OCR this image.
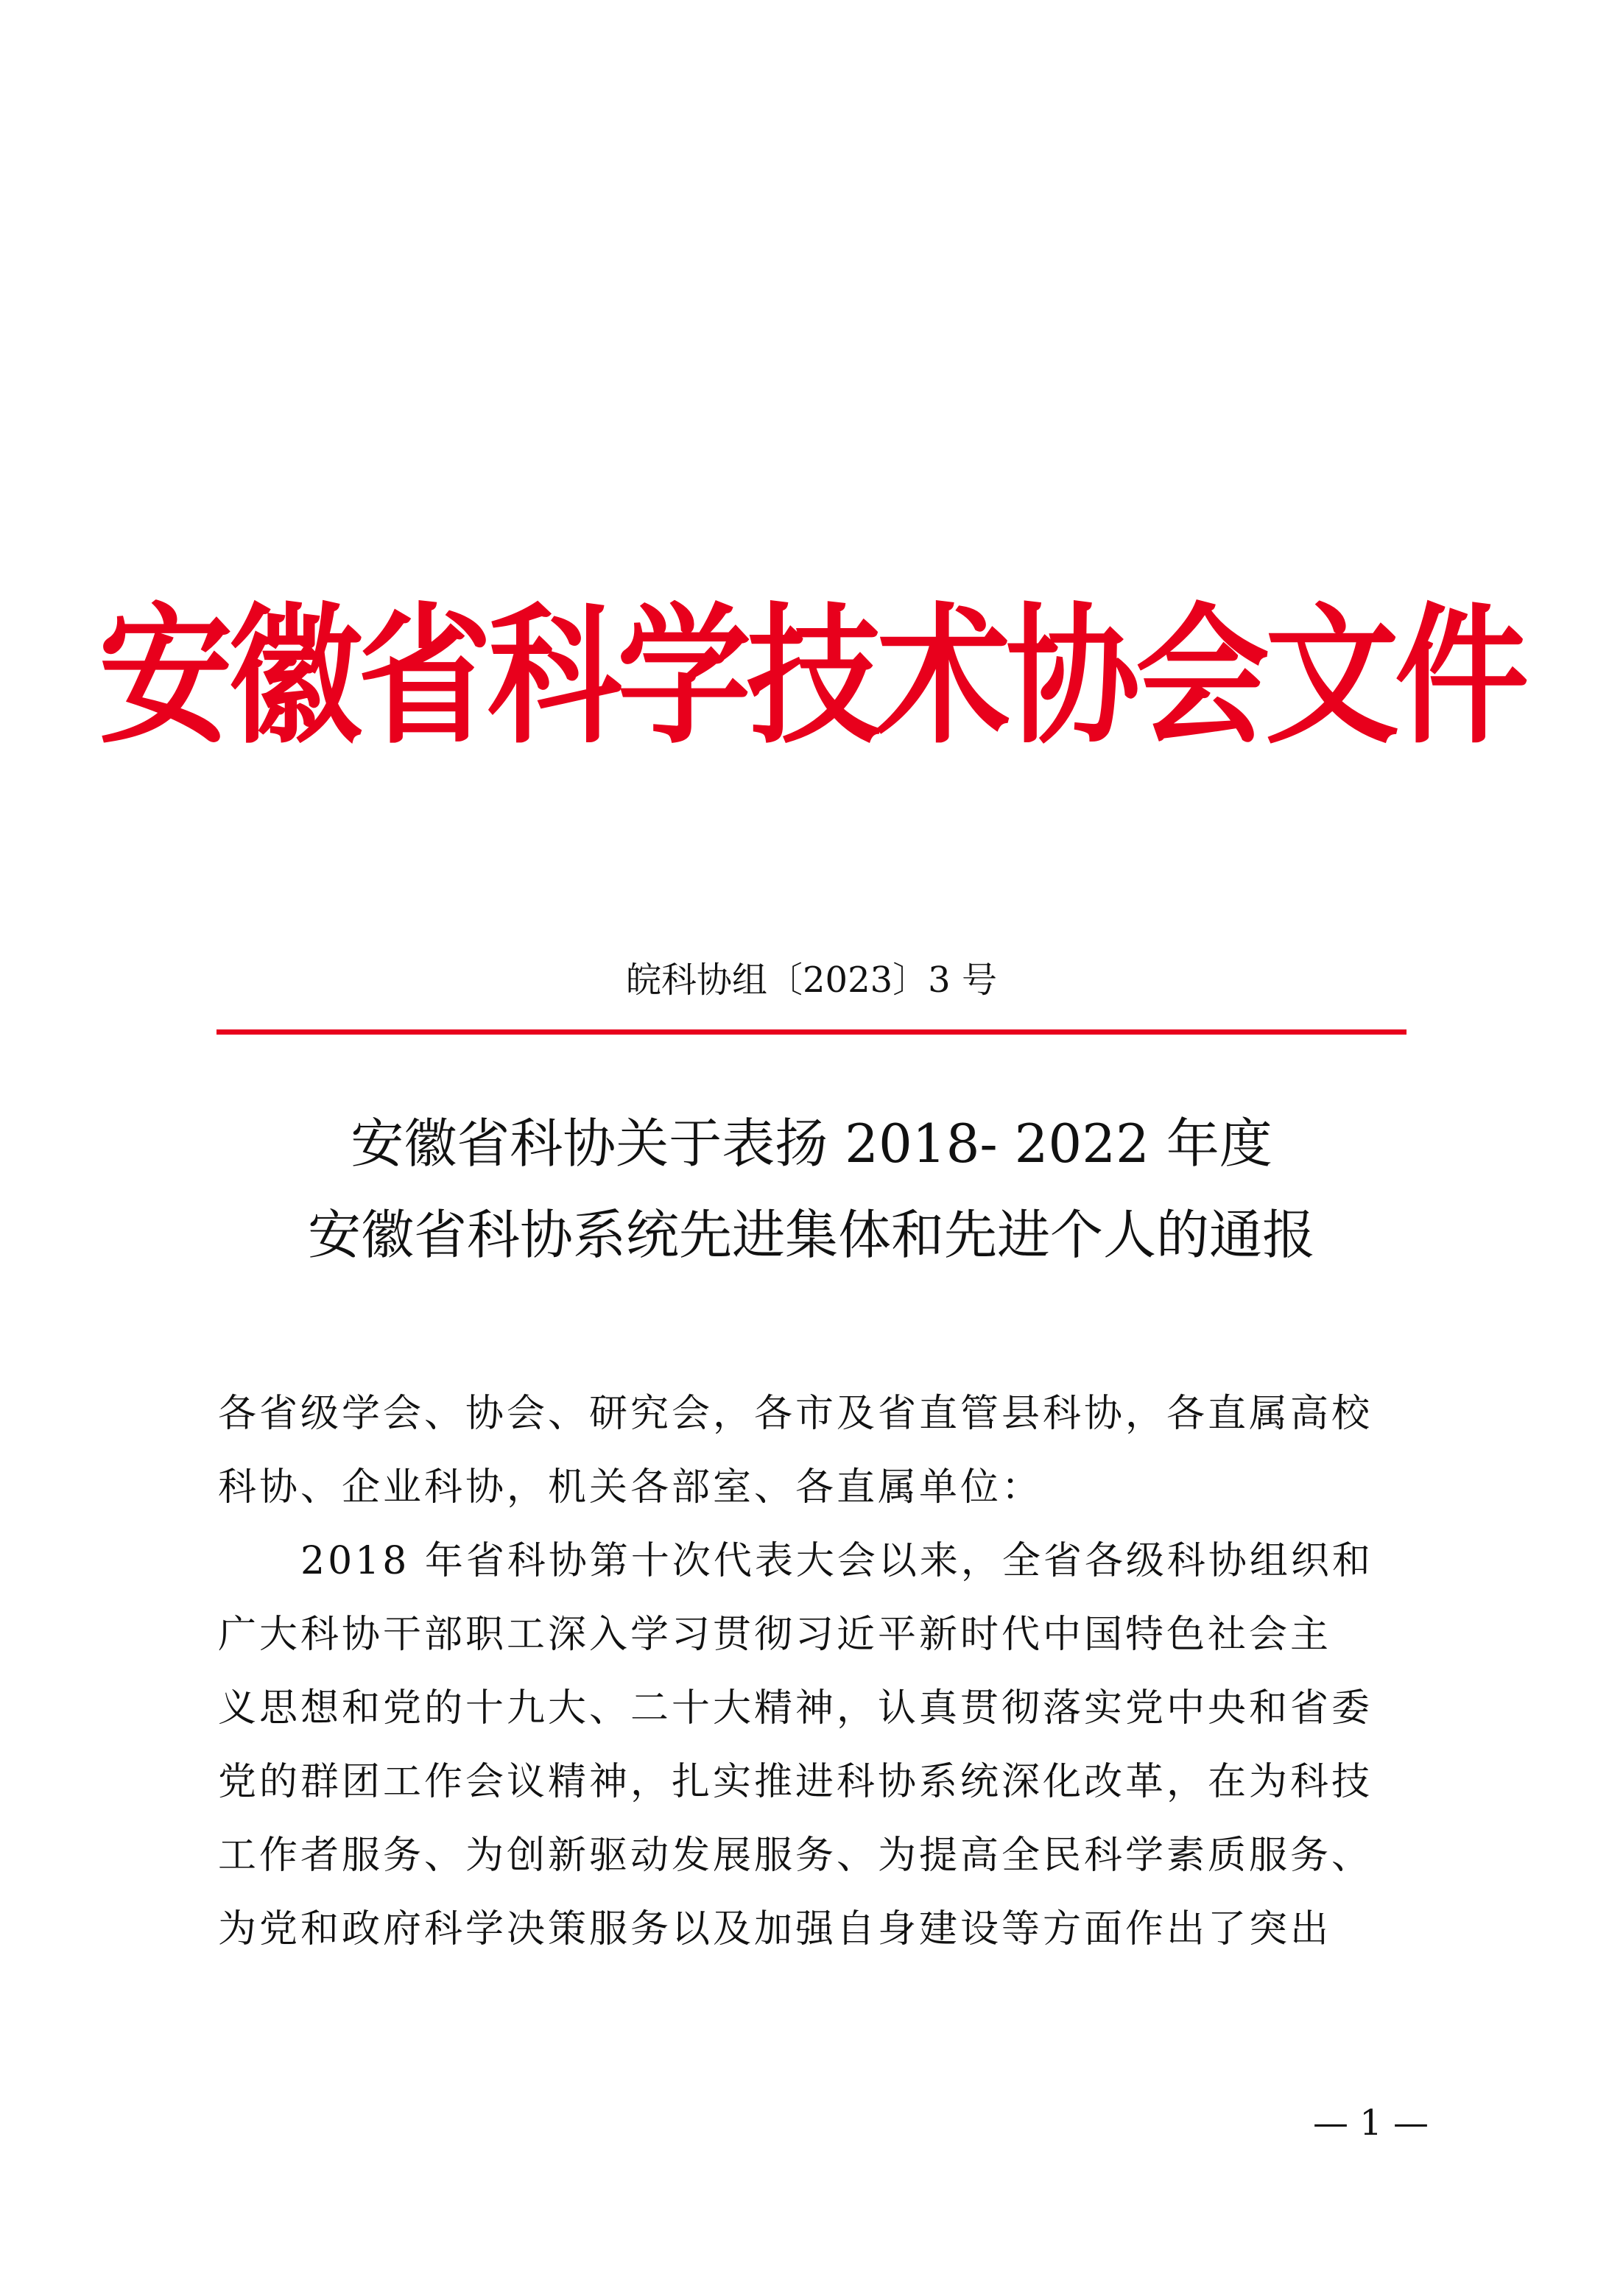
安徽省科学技术协会文件
皖科协组〔2023〕3 号
安徽省科协关于表扬 2018- 2022 年度
安徽省科协系统先进集体和先进个人的通报
各省级学会、协会、研究会，各市及省直管县科协，各直属高校
科协、企业科协，机关各部室、各直属单位：
　　2018 年省科协第十次代表大会以来，全省各级科协组织和
广大科协干部职工深入学习贯彻习近平新时代中国特色社会主
义思想和党的十九大、二十大精神，认真贯彻落实党中央和省委
党的群团工作会议精神，扎实推进科协系统深化改革，在为科技
工作者服务、为创新驱动发展服务、为提高全民科学素质服务、
为党和政府科学决策服务以及加强自身建设等方面作出了突出
— 1 —
